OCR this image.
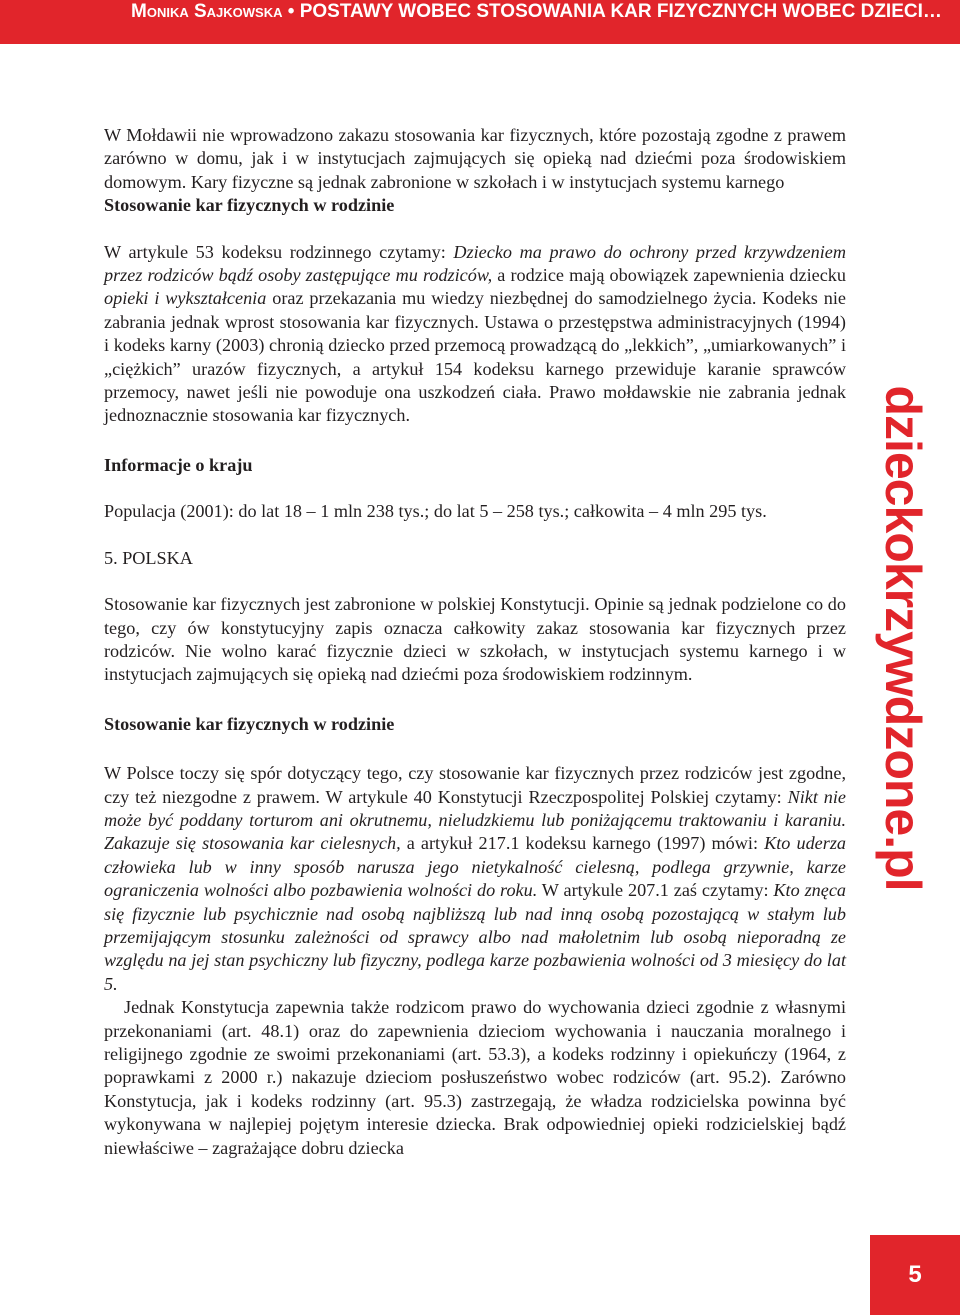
Monika Sajkowska • POSTAWY WOBEC STOSOWANIA KAR FIZYCZNYCH WOBEC DZIECI…

W Mołdawii nie wprowadzono zakazu stosowania kar fizycznych, które pozostają zgodne z prawem zarówno w domu, jak i w instytucjach zajmujących się opieką nad dziećmi poza środowiskiem domowym. Kary fizyczne są jednak zabronione w szkołach i w instytucjach systemu karnego

Stosowanie kar fizycznych w rodzinie

W artykule 53 kodeksu rodzinnego czytamy: Dziecko ma prawo do ochrony przed krzywdzeniem przez rodziców bądź osoby zastępujące mu rodziców, a rodzice mają obowiązek zapewnienia dziecku opieki i wykształcenia oraz przekazania mu wiedzy niezbędnej do samodzielnego życia. Kodeks nie zabrania jednak wprost stosowania kar fizycznych. Ustawa o przestępstwa administracyjnych (1994) i kodeks karny (2003) chronią dziecko przed przemocą prowadzącą do „lekkich”, „umiarkowanych” i „ciężkich” urazów fizycznych, a artykuł 154 kodeksu karnego przewiduje karanie sprawców przemocy, nawet jeśli nie powoduje ona uszkodzeń ciała. Prawo mołdawskie nie zabrania jednak jednoznacznie stosowania kar fizycznych.

Informacje o kraju

Populacja (2001): do lat 18 – 1 mln 238 tys.; do lat 5 – 258 tys.; całkowita – 4 mln 295 tys.

5. POLSKA

Stosowanie kar fizycznych jest zabronione w polskiej Konstytucji. Opinie są jednak podzielone co do tego, czy ów konstytucyjny zapis oznacza całkowity zakaz stosowania kar fizycznych przez rodziców. Nie wolno karać fizycznie dzieci w szkołach, w instytucjach systemu karnego i w instytucjach zajmujących się opieką nad dziećmi poza środowiskiem rodzinnym.

Stosowanie kar fizycznych w rodzinie

W Polsce toczy się spór dotyczący tego, czy stosowanie kar fizycznych przez rodziców jest zgodne, czy też niezgodne z prawem. W artykule 40 Konstytucji Rzeczpospolitej Polskiej czytamy: Nikt nie może być poddany torturom ani okrutnemu, nieludzkiemu lub poniżającemu traktowaniu i karaniu. Zakazuje się stosowania kar cielesnych, a artykuł 217.1 kodeksu karnego (1997) mówi: Kto uderza człowieka lub w inny sposób narusza jego nietykalność cielesną, podlega grzywnie, karze ograniczenia wolności albo pozbawienia wolności do roku. W artykule 207.1 zaś czytamy: Kto znęca się fizycznie lub psychicznie nad osobą najbliższą lub nad inną osobą pozostającą w stałym lub przemijającym stosunku zależności od sprawcy albo nad małoletnim lub osobą nieporadną ze względu na jej stan psychiczny lub fizyczny, podlega karze pozbawienia wolności od 3 miesięcy do lat 5.

Jednak Konstytucja zapewnia także rodzicom prawo do wychowania dzieci zgodnie z własnymi przekonaniami (art. 48.1) oraz do zapewnienia dzieciom wychowania i nauczania moralnego i religijnego zgodnie ze swoimi przekonaniami (art. 53.3), a kodeks rodzinny i opiekuńczy (1964, z poprawkami z 2000 r.) nakazuje dzieciom posłuszeństwo wobec rodziców (art. 95.2). Zarówno Konstytucja, jak i kodeks rodzinny (art. 95.3) zastrzegają, że władza rodzicielska powinna być wykonywana w najlepiej pojętym interesie dziecka. Brak odpowiedniej opieki rodzicielskiej bądź niewłaściwe – zagrażające dobru dziecka

dzieckokrzywdzone.pl
5
